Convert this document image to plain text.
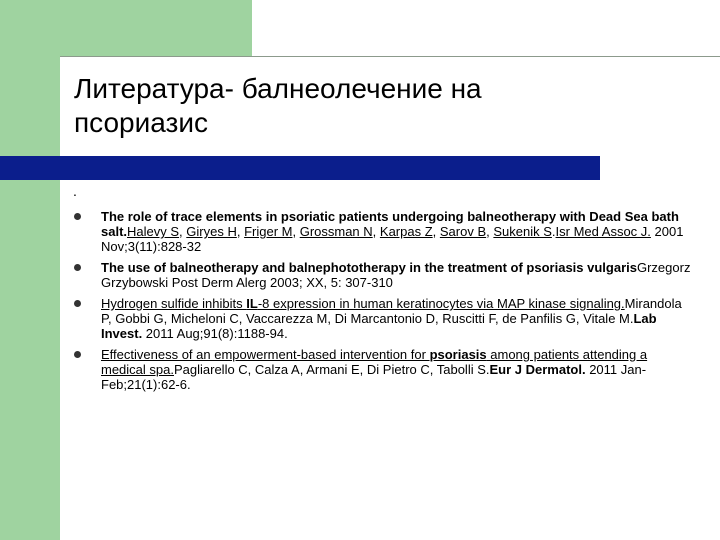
Литература- балнеолечение на
псориазис
.
The role of trace elements in psoriatic patients undergoing balneotherapy with Dead Sea bath salt.Halevy S, Giryes H, Friger M, Grossman N, Karpas Z, Sarov B, Sukenik S.Isr Med Assoc J. 2001 Nov;3(11):828-32
The use of balneotherapy and balnephototherapy in the treatment of psoriasis vulgarisGrzegorz Grzybowski Post Derm Alerg 2003; XX, 5: 307-310
Hydrogen sulfide inhibits IL-8 expression in human keratinocytes via MAP kinase signaling.Mirandola P, Gobbi G, Micheloni C, Vaccarezza M, Di Marcantonio D, Ruscitti F, de Panfilis G, Vitale M.Lab Invest. 2011 Aug;91(8):1188-94.
Effectiveness of an empowerment-based intervention for psoriasis among patients attending a medical spa.Pagliarello C, Calza A, Armani E, Di Pietro C, Tabolli S.Eur J Dermatol. 2011 Jan-Feb;21(1):62-6.
